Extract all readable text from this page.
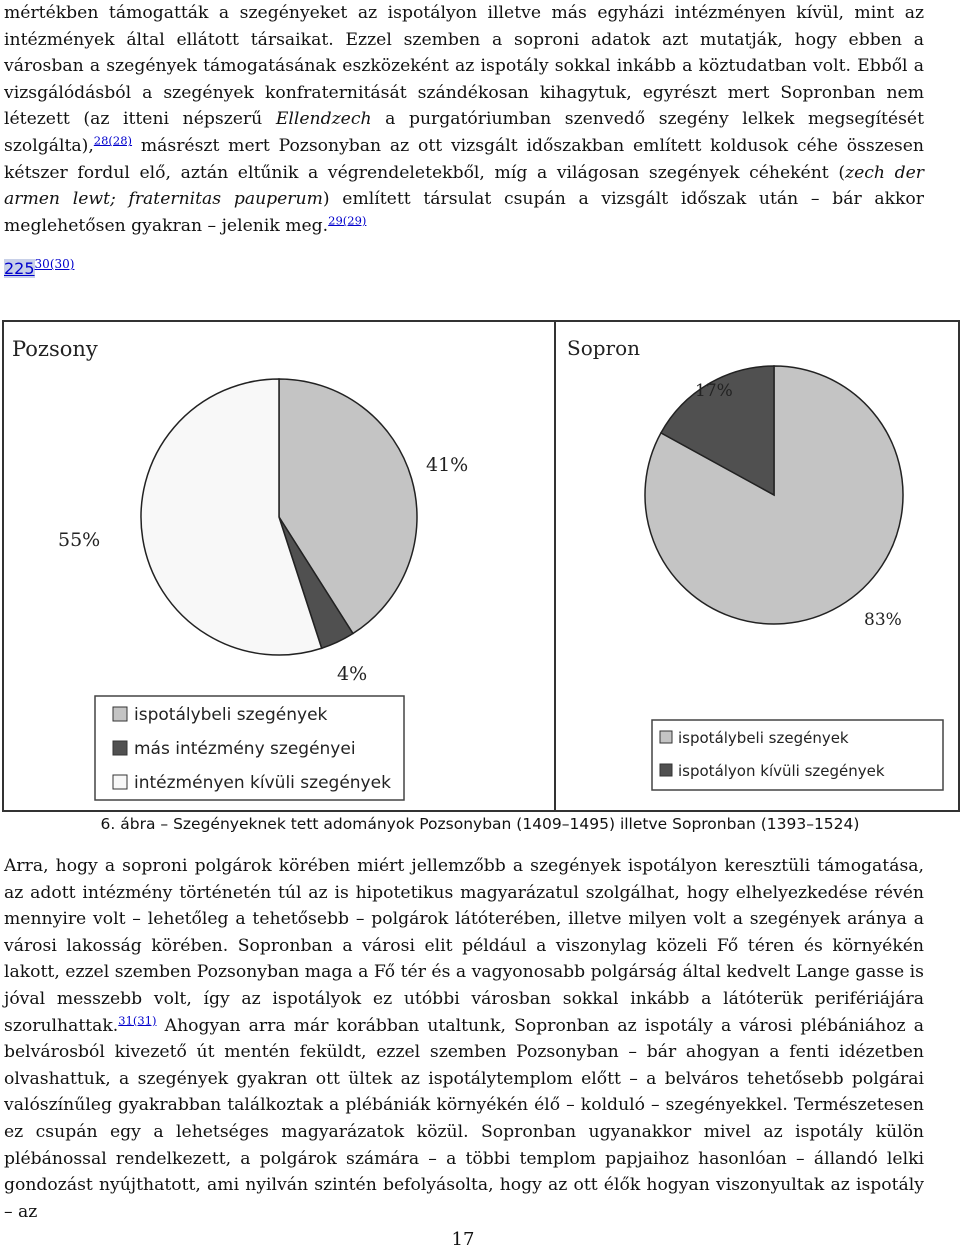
mértékben támogatták a szegényeket az ispotályon illetve más egyházi intézményen kívül, mint az intézmények által ellátott társaikat. Ezzel szemben a soproni adatok azt mutatják, hogy ebben a városban a szegények támogatásának eszközeként az ispotály sokkal inkább a köztudatban volt. Ebből a vizsgálódásból a szegények konfraternitását szándékosan kihagytuk, egyrészt mert Sopronban nem létezett (az itteni népszerű Ellendzech a purgatóriumban szenvedő szegény lelkek megsegítését szolgálta),$^{28(28)}$ másrészt mert Pozsonyban az ott vizsgált időszakban említett koldusok céhe összesen kétszer fordul elő, aztán eltűnik a végrendeletekből, míg a világosan szegények céheként (zech der armen lewt; fraternitas pauperum) említett társulat csupán a vizsgált időszak után – bár akkor meglehetősen gyakran – jelenik meg.$^{29(29)}$

$225^{30(30)}$
Pozsony	Sopron
41%
4%
55%
83%
17%
ispotálybeli szegények
más intézmény szegényei
intézményen kívüli szegények
ispotálybeli szegények
ispotályon kívüli szegények
6. ábra – Szegényeknek tett adományok Pozsonyban (1409–1495) illetve Sopronban (1393–1524)

Arra, hogy a soproni polgárok körében miért jellemzőbb a szegények ispotályon keresztüli támogatása, az adott intézmény történetén túl az is hipotetikus magyarázatul szolgálhat, hogy elhelyezkedése révén mennyire volt – lehetőleg a tehetősebb – polgárok látóterében, illetve milyen volt a szegények aránya a városi lakosság körében. Sopronban a városi elit például a viszonylag közeli Fő téren és környékén lakott, ezzel szemben Pozsonyban maga a Fő tér és a vagyonosabb polgárság által kedvelt Lange gasse is jóval messzebb volt, így az ispotályok ez utóbbi városban sokkal inkább a látóterük perifériájára szorulhattak.$^{31(31)}$ Ahogyan arra már korábban utaltunk, Sopronban az ispotály a városi plébániához a belvárosból kivezető út mentén feküldt, ezzel szemben Pozsonyban – bár ahogyan a fenti idézetben olvashattuk, a szegények gyakran ott ültek az ispotálytemplom előtt – a belváros tehetősebb polgárai valószínűleg gyakrabban találkoztak a plébániák környékén élő – kolduló – szegényekkel. Természetesen ez csupán egy a lehetséges magyarázatok közül. Sopronban ugyanakkor mivel az ispotály külön plébánossal rendelkezett, a polgárok számára – a többi templom papjaihoz hasonlóan – állandó lelki gondozást nyújthatott, ami nyilván szintén befolyásolta, hogy az ott élők hogyan viszonyultak az ispotály – az

17
